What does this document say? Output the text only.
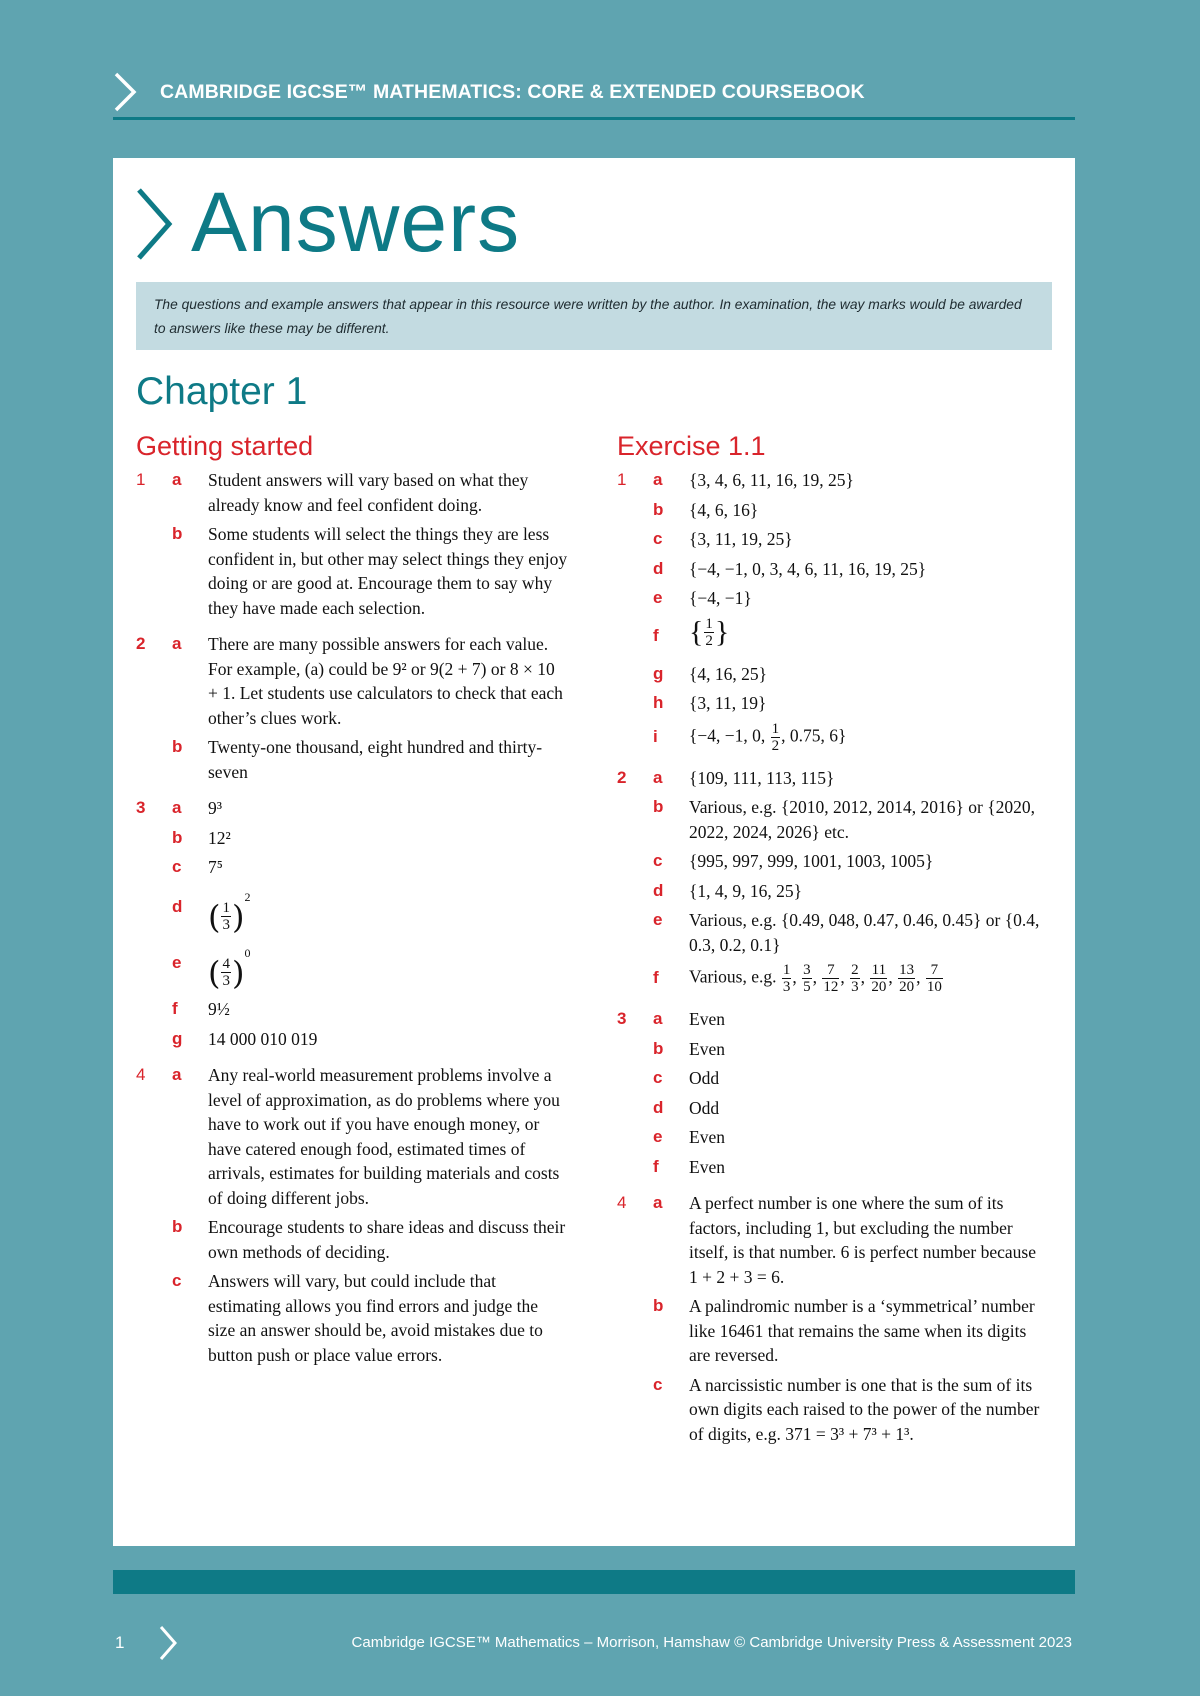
CAMBRIDGE IGCSE™ MATHEMATICS: CORE & EXTENDED COURSEBOOK
Answers
The questions and example answers that appear in this resource were written by the author. In examination, the way marks would be awarded to answers like these may be different.
Chapter 1
Getting started
1	a	Student answers will vary based on what they already know and feel confident doing.
b	Some students will select the things they are less confident in, but other may select things they enjoy doing or are good at. Encourage them to say why they have made each selection.
2	a	There are many possible answers for each value. For example, (a) could be 9² or 9(2 + 7) or 8 × 10 + 1. Let students use calculators to check that each other’s clues work.
b	Twenty-one thousand, eight hundred and thirty-seven
3	a	9³
b	12²
c	7⁵
d ( $\frac{1}{3} )^2$
e ( $\frac{4}{3} )^0$
f	9½
g	14 000 010 019
4	a	Any real-world measurement problems involve a level of approximation, as do problems where you have to work out if you have enough money, or have catered enough food, estimated times of arrivals, estimates for building materials and costs of doing different jobs.
b	Encourage students to share ideas and discuss their own methods of deciding.
c	Answers will vary, but could include that estimating allows you find errors and judge the size an answer should be, avoid mistakes due to button push or place value errors.
Exercise 1.1
1	a	{3, 4, 6, 11, 16, 19, 25}
b	{4, 6, 16}
c	{3, 11, 19, 25}
d	{−4, −1, 0, 3, 4, 6, 11, 16, 19, 25}
e	{−4, −1}
f	{ $\frac{1}{2}$ }
g	{4, 16, 25}
h	{3, 11, 19}
i	{−4, −1, 0, $\frac{1}{2}$ , 0.75, 6}
2	a	{109, 111, 113, 115}
b	Various, e.g. {2010, 2012, 2014, 2016} or {2020, 2022, 2024, 2026} etc.
c	{995, 997, 999, 1001, 1003, 1005}
d	{1, 4, 9, 16, 25}
e	Various, e.g. {0.49, 048, 0.47, 0.46, 0.45} or {0.4, 0.3, 0.2, 0.1}
f	Various, e.g. $\frac{1}{3}$ , $\frac{3}{5}$ , $\frac{7}{12}$ , $\frac{2}{3}$ , $\frac{11}{20}$ , $\frac{13}{20}$ , $\frac{7}{10}$
3	a	Even
b	Even
c	Odd
d	Odd
e	Even
f	Even
4	a	A perfect number is one where the sum of its factors, including 1, but excluding the number itself, is that number. 6 is perfect number because 1 + 2 + 3 = 6.
b	A palindromic number is a ‘symmetrical’ number like 16461 that remains the same when its digits are reversed.
c	A narcissistic number is one that is the sum of its own digits each raised to the power of the number of digits, e.g. 371 = 3³ + 7³ + 1³.
1	Cambridge IGCSE™ Mathematics – Morrison, Hamshaw © Cambridge University Press & Assessment 2023
